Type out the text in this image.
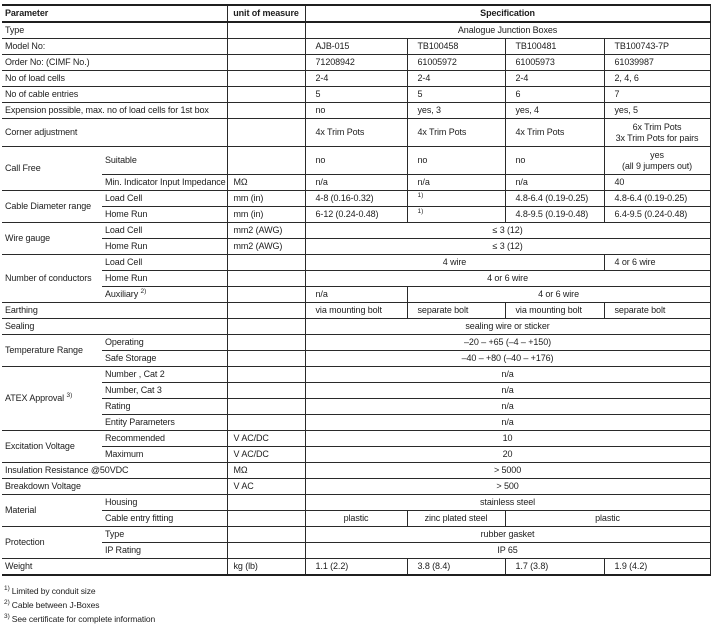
Parameter		unit of measure	Specification			
Type			Analogue Junction Boxes			
Model No:			AJB-015	TB100458	TB100481	TB100743-7P
Order No: (CIMF No.)			71208942	61005972	61005973	61039987
No of load cells			2-4	2-4	2-4	2, 4, 6
No of cable entries			5	5	6	7
Expension possible, max. no of load cells for 1st box			no	yes, 3	yes, 4	yes, 5
Corner adjustment			4x Trim Pots	4x Trim Pots	4x Trim Pots	6x Trim Pots
3x Trim Pots for pairs

Call Free	Suitable		no	no	no	yes
(all 9 jumpers out)

	Min. Indicator Input Impedance	MΩ	n/a	n/a	n/a	40
Cable Diameter range	Load Cell	mm (in)	4-8 (0.16-0.32)	$^{1)}$	4.8-6.4 (0.19-0.25)	4.8-6.4 (0.19-0.25)
	Home Run	mm (in)	6-12 (0.24-0.48)	$^{1)}$	4.8-9.5 (0.19-0.48)	6.4-9.5 (0.24-0.48)
Wire gauge	Load Cell	mm2 (AWG)	≤ 3 (12)			
	Home Run	mm2 (AWG)	≤ 3 (12)			
Number of conductors	Load Cell		4 wire			4 or 6 wire
	Home Run		4 or 6 wire			
	Auxiliary $^{2)}$		n/a	4 or 6 wire		
Earthing			via mounting bolt	separate bolt	via mounting bolt	separate bolt
Sealing			sealing wire or sticker			
Temperature Range	Operating		–20 – +65 (–4 – +150)			
	Safe Storage		–40 – +80 (–40 – +176)			
ATEX Approval $^{3)}$	Number , Cat 2		n/a			
	Number, Cat 3		n/a			
	Rating		n/a			
	Entity Parameters		n/a			
Excitation Voltage	Recommended	V AC/DC	10			
	Maximum	V AC/DC	20			
Insulation Resistance @50VDC		MΩ	> 5000			
Breakdown Voltage		V AC	> 500			
Material	Housing		stainless steel			
	Cable entry fitting		plastic	zinc plated steel	plastic	
Protection	Type		rubber gasket			
	IP Rating		IP 65			
Weight		kg (lb)	1.1 (2.2)	3.8 (8.4)	1.7 (3.8)	1.9 (4.2)
$^{1)}$ Limited by conduit size
$^{2)}$ Cable between J-Boxes
$^{3)}$ See certificate for complete information
